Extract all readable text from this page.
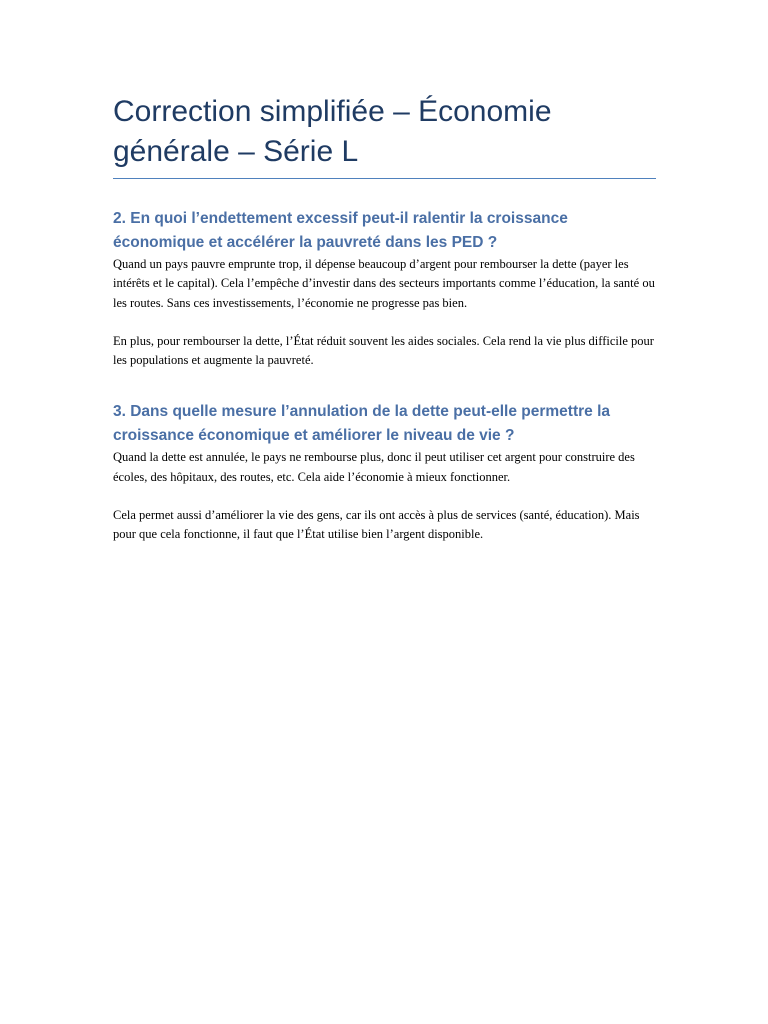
Correction simplifiée – Économie générale – Série L
2. En quoi l’endettement excessif peut-il ralentir la croissance économique et accélérer la pauvreté dans les PED ?

Quand un pays pauvre emprunte trop, il dépense beaucoup d’argent pour rembourser la dette (payer les intérêts et le capital). Cela l’empêche d’investir dans des secteurs importants comme l’éducation, la santé ou les routes. Sans ces investissements, l’économie ne progresse pas bien.

En plus, pour rembourser la dette, l’État réduit souvent les aides sociales. Cela rend la vie plus difficile pour les populations et augmente la pauvreté.

3. Dans quelle mesure l’annulation de la dette peut-elle permettre la croissance économique et améliorer le niveau de vie ?

Quand la dette est annulée, le pays ne rembourse plus, donc il peut utiliser cet argent pour construire des écoles, des hôpitaux, des routes, etc. Cela aide l’économie à mieux fonctionner.

Cela permet aussi d’améliorer la vie des gens, car ils ont accès à plus de services (santé, éducation). Mais pour que cela fonctionne, il faut que l’État utilise bien l’argent disponible.
